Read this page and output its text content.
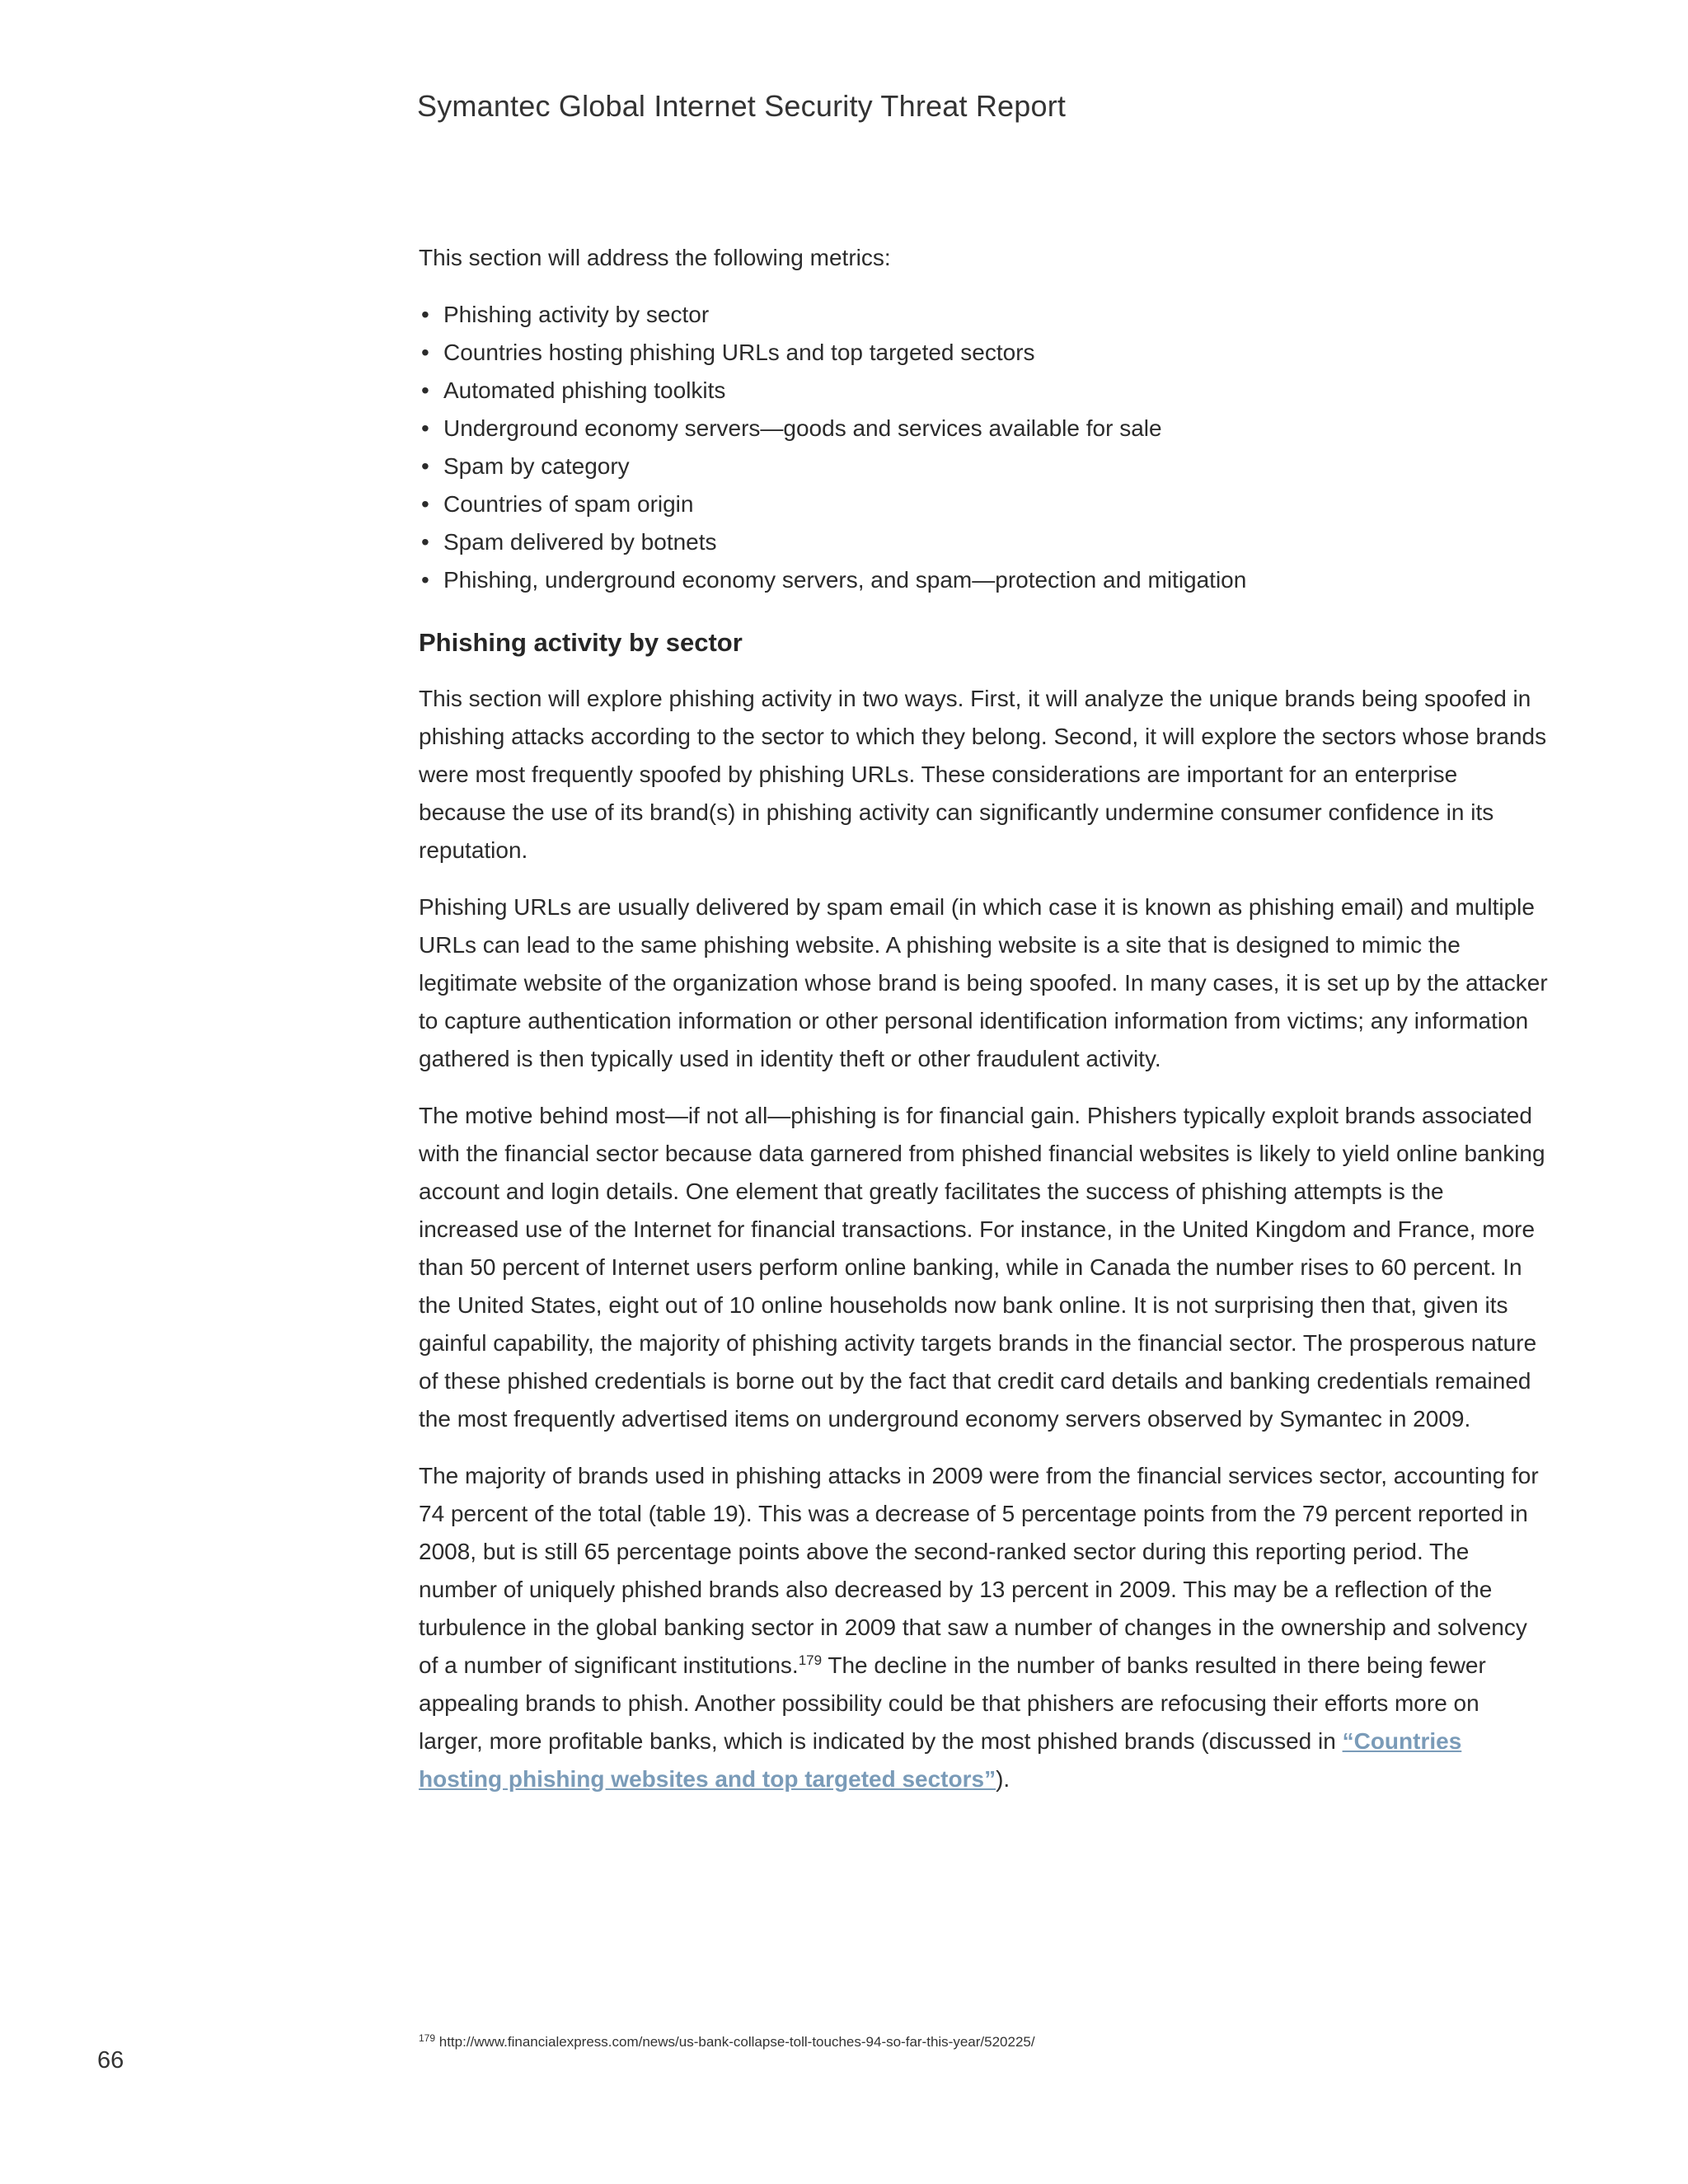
Symantec Global Internet Security Threat Report

This section will address the following metrics:

• Phishing activity by sector
• Countries hosting phishing URLs and top targeted sectors
• Automated phishing toolkits
• Underground economy servers—goods and services available for sale
• Spam by category
• Countries of spam origin
• Spam delivered by botnets
• Phishing, underground economy servers, and spam—protection and mitigation
Phishing activity by sector

This section will explore phishing activity in two ways. First, it will analyze the unique brands being spoofed in phishing attacks according to the sector to which they belong. Second, it will explore the sectors whose brands were most frequently spoofed by phishing URLs. These considerations are important for an enterprise because the use of its brand(s) in phishing activity can significantly undermine consumer confidence in its reputation.

Phishing URLs are usually delivered by spam email (in which case it is known as phishing email) and multiple URLs can lead to the same phishing website. A phishing website is a site that is designed to mimic the legitimate website of the organization whose brand is being spoofed. In many cases, it is set up by the attacker to capture authentication information or other personal identification information from victims; any information gathered is then typically used in identity theft or other fraudulent activity.

The motive behind most—if not all—phishing is for financial gain. Phishers typically exploit brands associated with the financial sector because data garnered from phished financial websites is likely to yield online banking account and login details. One element that greatly facilitates the success of phishing attempts is the increased use of the Internet for financial transactions. For instance, in the United Kingdom and France, more than 50 percent of Internet users perform online banking, while in Canada the number rises to 60 percent. In the United States, eight out of 10 online households now bank online. It is not surprising then that, given its gainful capability, the majority of phishing activity targets brands in the financial sector. The prosperous nature of these phished credentials is borne out by the fact that credit card details and banking credentials remained the most frequently advertised items on underground economy servers observed by Symantec in 2009.

The majority of brands used in phishing attacks in 2009 were from the financial services sector, accounting for 74 percent of the total (table 19). This was a decrease of 5 percentage points from the 79 percent reported in 2008, but is still 65 percentage points above the second-ranked sector during this reporting period. The number of uniquely phished brands also decreased by 13 percent in 2009. This may be a reflection of the turbulence in the global banking sector in 2009 that saw a number of changes in the ownership and solvency of a number of significant institutions.$^{179}$ The decline in the number of banks resulted in there being fewer appealing brands to phish. Another possibility could be that phishers are refocusing their efforts more on larger, more profitable banks, which is indicated by the most phished brands (discussed in “Countries hosting phishing websites and top targeted sectors”).

$^{179}$ http://www.financialexpress.com/news/us-bank-collapse-toll-touches-94-so-far-this-year/520225/
66
